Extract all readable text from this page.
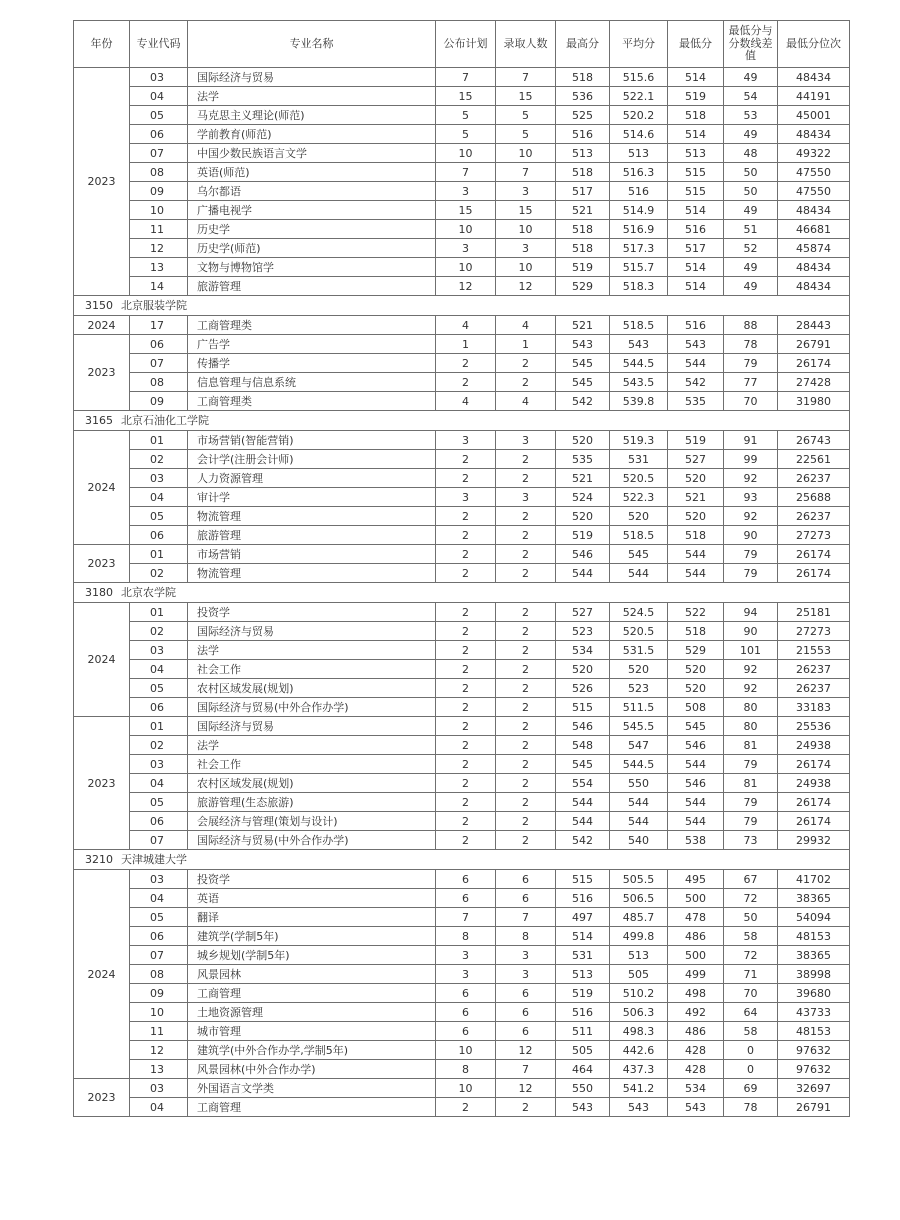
年份	专业代码	专业名称	公布计划	录取人数	最高分	平均分	最低分	最低分与分数线差值	最低分位次
2023	03	国际经济与贸易	7	7	518	515.6	514	49	48434
	04	法学	15	15	536	522.1	519	54	44191
	05	马克思主义理论(师范)	5	5	525	520.2	518	53	45001
	06	学前教育(师范)	5	5	516	514.6	514	49	48434
	07	中国少数民族语言文学	10	10	513	513	513	48	49322
	08	英语(师范)	7	7	518	516.3	515	50	47550
	09	乌尔都语	3	3	517	516	515	50	47550
	10	广播电视学	15	15	521	514.9	514	49	48434
	11	历史学	10	10	518	516.9	516	51	46681
	12	历史学(师范)	3	3	518	517.3	517	52	45874
	13	文物与博物馆学	10	10	519	515.7	514	49	48434
	14	旅游管理	12	12	529	518.3	514	49	48434
3150 北京服装学院									
2024	17	工商管理类	4	4	521	518.5	516	88	28443
2023	06	广告学	1	1	543	543	543	78	26791
	07	传播学	2	2	545	544.5	544	79	26174
	08	信息管理与信息系统	2	2	545	543.5	542	77	27428
	09	工商管理类	4	4	542	539.8	535	70	31980
3165 北京石油化工学院									
2024	01	市场营销(智能营销)	3	3	520	519.3	519	91	26743
	02	会计学(注册会计师)	2	2	535	531	527	99	22561
	03	人力资源管理	2	2	521	520.5	520	92	26237
	04	审计学	3	3	524	522.3	521	93	25688
	05	物流管理	2	2	520	520	520	92	26237
	06	旅游管理	2	2	519	518.5	518	90	27273
2023	01	市场营销	2	2	546	545	544	79	26174
	02	物流管理	2	2	544	544	544	79	26174
3180 北京农学院									
2024	01	投资学	2	2	527	524.5	522	94	25181
	02	国际经济与贸易	2	2	523	520.5	518	90	27273
	03	法学	2	2	534	531.5	529	101	21553
	04	社会工作	2	2	520	520	520	92	26237
	05	农村区域发展(规划)	2	2	526	523	520	92	26237
	06	国际经济与贸易(中外合作办学)	2	2	515	511.5	508	80	33183
2023	01	国际经济与贸易	2	2	546	545.5	545	80	25536
	02	法学	2	2	548	547	546	81	24938
	03	社会工作	2	2	545	544.5	544	79	26174
	04	农村区域发展(规划)	2	2	554	550	546	81	24938
	05	旅游管理(生态旅游)	2	2	544	544	544	79	26174
	06	会展经济与管理(策划与设计)	2	2	544	544	544	79	26174
	07	国际经济与贸易(中外合作办学)	2	2	542	540	538	73	29932
3210 天津城建大学									
2024	03	投资学	6	6	515	505.5	495	67	41702
	04	英语	6	6	516	506.5	500	72	38365
	05	翻译	7	7	497	485.7	478	50	54094
	06	建筑学(学制5年)	8	8	514	499.8	486	58	48153
	07	城乡规划(学制5年)	3	3	531	513	500	72	38365
	08	风景园林	3	3	513	505	499	71	38998
	09	工商管理	6	6	519	510.2	498	70	39680
	10	土地资源管理	6	6	516	506.3	492	64	43733
	11	城市管理	6	6	511	498.3	486	58	48153
	12	建筑学(中外合作办学,学制5年)	10	12	505	442.6	428	0	97632
	13	风景园林(中外合作办学)	8	7	464	437.3	428	0	97632
2023	03	外国语言文学类	10	12	550	541.2	534	69	32697
	04	工商管理	2	2	543	543	543	78	26791
